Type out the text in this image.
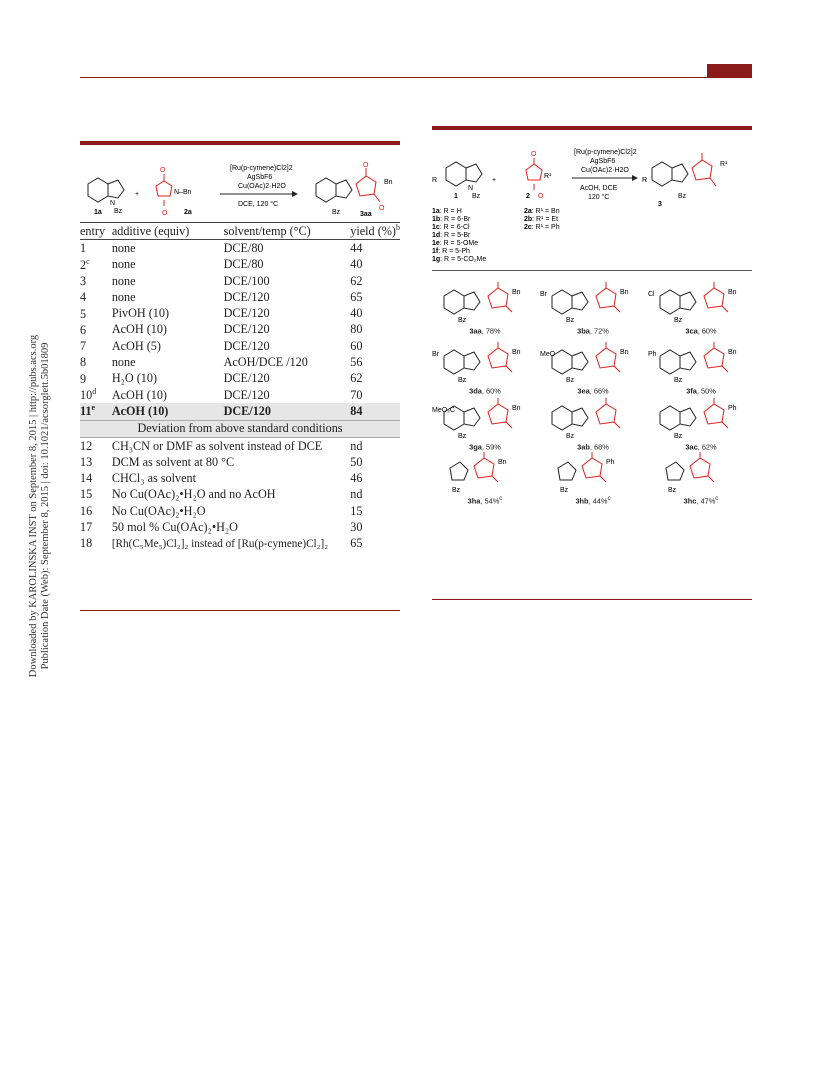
Downloaded by KAROLINSKA INST on September 8, 2015 | http://pubs.acs.org Publication Date (Web): September 8, 2015 | doi: 10.1021/acsorglett.5b01809
N
Bz
1a
+
O
O
N–Bn
2a
[Ru(p-cymene)Cl2]2
AgSbF6
Cu(OAc)2·H2O
DCE, 120 °C
O
O
Bn
Bz	3aa
entry	additive (equiv)	solvent/temp (°C)	yield (%)$^b$
1	none	DCE/80	44
2$^c$	none	DCE/80	40
3	none	DCE/100	62
4	none	DCE/120	65
5	PivOH (10)	DCE/120	40
6	AcOH (10)	DCE/120	80
7	AcOH (5)	DCE/120	60
8	none	AcOH/DCE /120	56
9	H₂O (10)	DCE/120	62
10$^d$	AcOH (10)	DCE/120	70
11e	AcOH (10)	DCE/120	84
Deviation from above standard conditions			
12	CH₃CN or DMF as solvent instead of DCE		nd
13	DCM as solvent at 80 °C		50
14	CHCl₃ as solvent		46
15	No Cu(OAc)₂•H₂O and no AcOH		nd
16	No Cu(OAc)₂•H₂O		15
17	50 mol % Cu(OAc)₂•H₂O		30
18	[Rh(C₅Me₅)Cl₂]₂ instead of [Ru(p-cymene)Cl₂]₂		65
R
N
Bz
1
+
O
O
R¹
2
[Ru(p-cymene)Cl2]2
AgSbF6
Cu(OAc)2·H2O
AcOH, DCE
120 °C
R
R¹
Bz
3
1a: R = H
1b: R = 6-Br
1c: R = 6-Cl
1d: R = 5-Br
1e: R = 5-OMe
1f: R = 5-Ph
1g: R = 5-CO₂Me
2a: R¹ = Bn
2b: R¹ = Et
2c: R¹ = Ph
Bn
Bz
3aa, 78%
Bn
Bz
Br
3ba, 72%
Bn
Bz
Cl
3ca, 60%
Bn
Bz
Br
3da, 60%
Bn
Bz
MeO
3ea, 66%
Bn
Bz
Ph
3fa, 50%
Bn
Bz
MeO₂C
3ga, 59%
Bz
3ab, 68%
Ph
Bz
3ac, 62%
Bn
Bz
3ha, 54%$^c$
Ph
Bz
3hb, 44%$^c$
Bz
3hc, 47%$^c$
